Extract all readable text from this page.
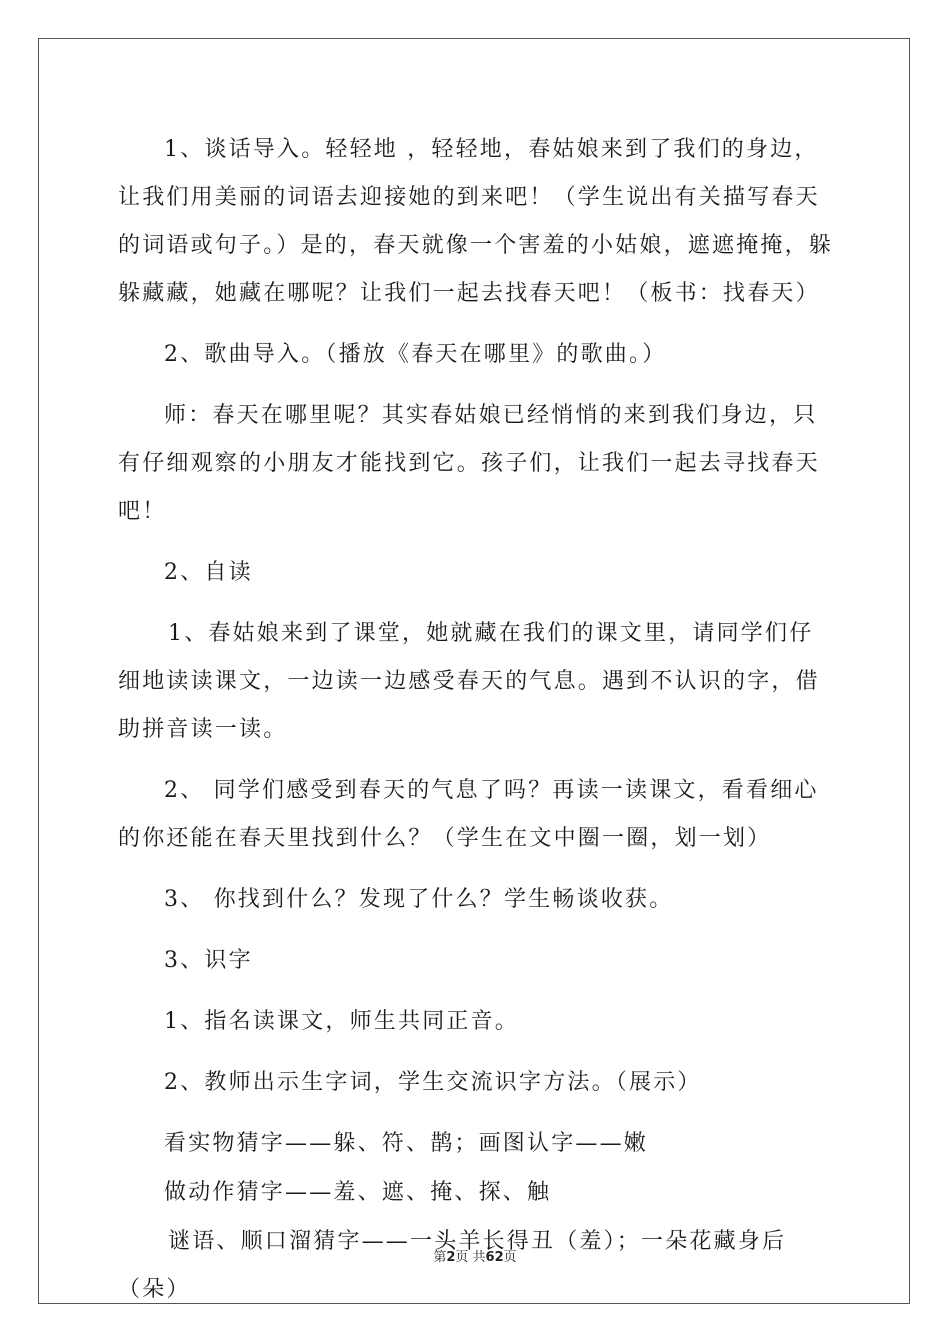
1、谈话导入。轻轻地 ，轻轻地，春姑娘来到了我们的身边，让我们用美丽的词语去迎接她的到来吧！（学生说出有关描写春天的词语或句子。）是的，春天就像一个害羞的小姑娘，遮遮掩掩，躲躲藏藏，她藏在哪呢？让我们一起去找春天吧！（板书：找春天）

2、歌曲导入。（播放《春天在哪里》的歌曲。）

师：春天在哪里呢？其实春姑娘已经悄悄的来到我们身边，只有仔细观察的小朋友才能找到它。孩子们，让我们一起去寻找春天吧！

2、自读

1、春姑娘来到了课堂，她就藏在我们的课文里，请同学们仔细地读读课文，一边读一边感受春天的气息。遇到不认识的字，借助拼音读一读。

2、 同学们感受到春天的气息了吗？再读一读课文，看看细心的你还能在春天里找到什么？（学生在文中圈一圈，划一划）

3、 你找到什么？发现了什么？学生畅谈收获。

3、识字

1、指名读课文，师生共同正音。

2、教师出示生字词，学生交流识字方法。（展示）

看实物猜字——躲、符、鹊；画图认字——嫩

做动作猜字——羞、遮、掩、探、触

谜语、顺口溜猜字——一头羊长得丑（羞）；一朵花藏身后（朵）

第2页 共62页
